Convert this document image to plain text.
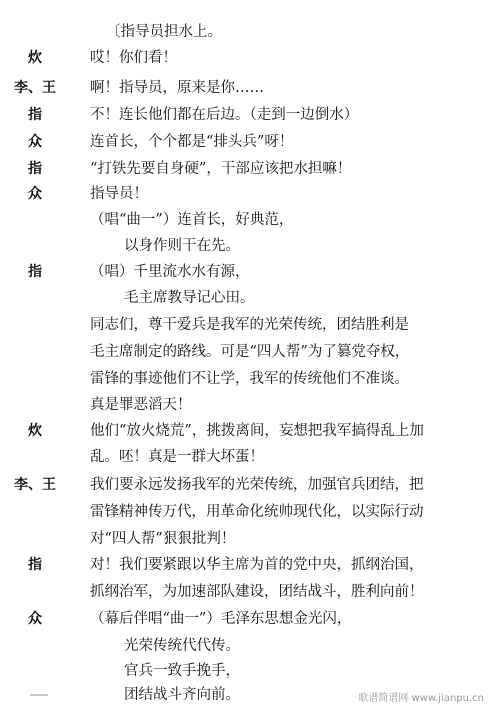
〔指导员担水上。
炊	哎！你们看！
李、王	啊！指导员，原来是你……
指	不！连长他们都在后边。（走到一边倒水）
众	连首长，个个都是“排头兵”呀！
指	“打铁先要自身硬”，干部应该把水担嘛！
众	指导员！
（唱“曲一”）连首长，好典范，
以身作则干在先。
指	（唱）千里流水水有源，
毛主席教导记心田。
同志们，尊干爱兵是我军的光荣传统，团结胜利是
毛主席制定的路线。可是“四人帮”为了篡党夺权，
雷锋的事迹他们不让学，我军的传统他们不准谈。
真是罪恶滔天！
炊	他们“放火烧荒”，挑拨离间，妄想把我军搞得乱上加
乱。呸！真是一群大坏蛋！
李、王	我们要永远发扬我军的光荣传统，加强官兵团结，把
雷锋精神传万代，用革命化统帅现代化，以实际行动
对“四人帮”狠狠批判！
指	对！我们要紧跟以华主席为首的党中央，抓纲治国，
抓纲治军，为加速部队建设，团结战斗，胜利向前！
众	（幕后伴唱“曲一”）毛泽东思想金光闪，
光荣传统代代传。
官兵一致手挽手，
团结战斗齐向前。	歌谱简谱网 www.jianpu.cn
